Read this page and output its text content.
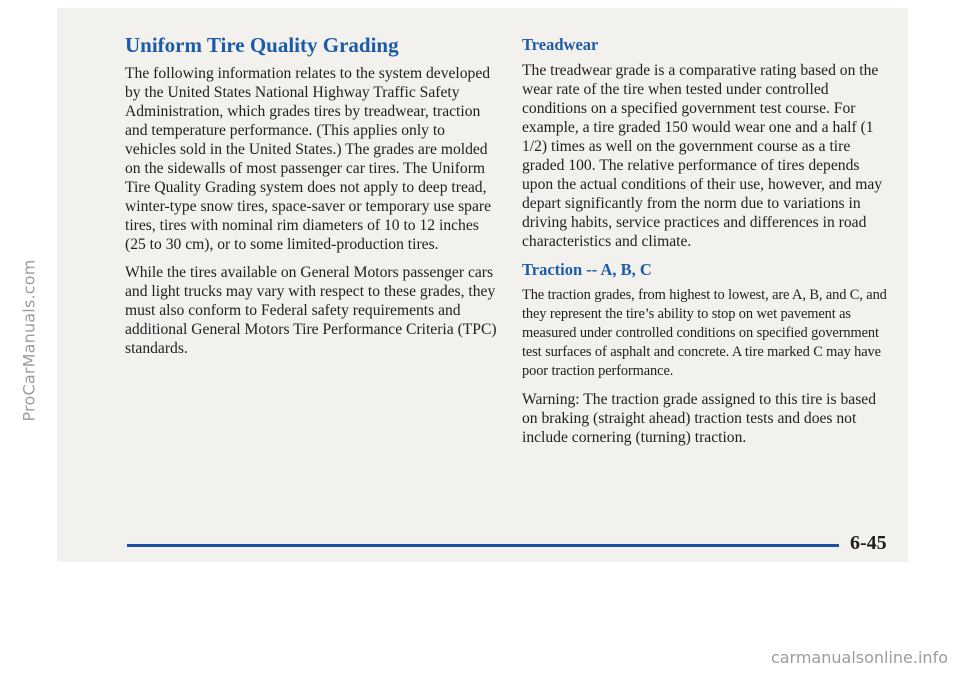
ProCarManuals.com
Uniform Tire Quality Grading

The following information relates to the system developed by the United States National Highway Traffic Safety Administration, which grades tires by treadwear, traction and temperature performance. (This applies only to vehicles sold in the United States.) The grades are molded on the sidewalls of most passenger car tires. The Uniform Tire Quality Grading system does not apply to deep tread, winter-type snow tires, space-saver or temporary use spare tires, tires with nominal rim diameters of 10 to 12 inches (25 to 30 cm), or to some limited-production tires.

While the tires available on General Motors passenger cars and light trucks may vary with respect to these grades, they must also conform to Federal safety requirements and additional General Motors Tire Performance Criteria (TPC) standards.

Treadwear

The treadwear grade is a comparative rating based on the wear rate of the tire when tested under controlled conditions on a specified government test course. For example, a tire graded 150 would wear one and a half (1 1/2) times as well on the government course as a tire graded 100. The relative performance of tires depends upon the actual conditions of their use, however, and may depart significantly from the norm due to variations in driving habits, service practices and differences in road characteristics and climate.

Traction -- A, B, C

The traction grades, from highest to lowest, are A, B, and C, and they represent the tire’s ability to stop on wet pavement as measured under controlled conditions on specified government test surfaces of asphalt and concrete. A tire marked C may have poor traction performance.

Warning: The traction grade assigned to this tire is based on braking (straight ahead) traction tests and does not include cornering (turning) traction.

6-45
carmanualsonline.info
